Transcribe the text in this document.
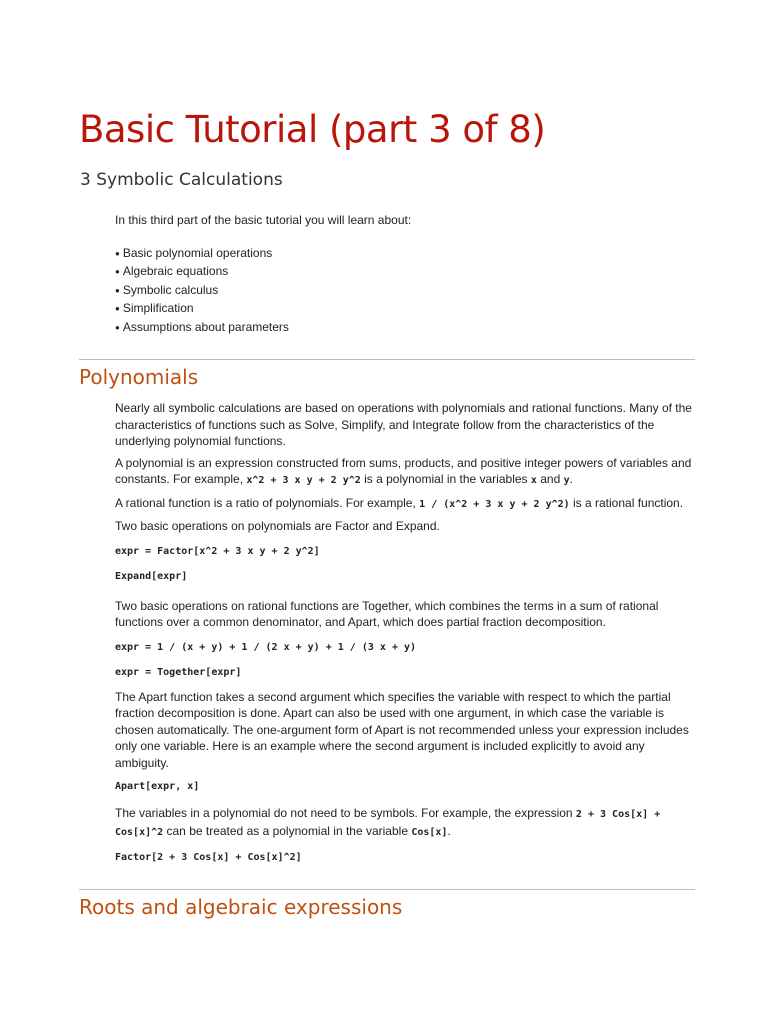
Basic Tutorial (part 3 of 8)
3 Symbolic Calculations

In this third part of the basic tutorial you will learn about:

● Basic polynomial operations
● Algebraic equations
● Symbolic calculus
● Simplification
● Assumptions about parameters
Polynomials

Nearly all symbolic calculations are based on operations with polynomials and rational functions. Many of the characteristics of functions such as Solve, Simplify, and Integrate follow from the characteristics of the underlying polynomial functions.

A polynomial is an expression constructed from sums, products, and positive integer powers of variables and constants. For example, x^2 + 3 x y + 2 y^2 is a polynomial in the variables x and y.

A rational function is a ratio of polynomials. For example, 1 / (x^2 + 3 x y + 2 y^2) is a rational function.

Two basic operations on polynomials are Factor and Expand.

expr = Factor[x^2 + 3 x y + 2 y^2]
Expand[expr]

Two basic operations on rational functions are Together, which combines the terms in a sum of rational functions over a common denominator, and Apart, which does partial fraction decomposition.

expr = 1 / (x + y) + 1 / (2 x + y) + 1 / (3 x + y)
expr = Together[expr]

The Apart function takes a second argument which specifies the variable with respect to which the partial fraction decomposition is done. Apart can also be used with one argument, in which case the variable is chosen automatically. The one-argument form of Apart is not recommended unless your expression includes only one variable. Here is an example where the second argument is included explicitly to avoid any ambiguity.

Apart[expr, x]

The variables in a polynomial do not need to be symbols. For example, the expression 2 + 3 Cos[x] + Cos[x]^2 can be treated as a polynomial in the variable Cos[x].

Factor[2 + 3 Cos[x] + Cos[x]^2]
Roots and algebraic expressions
